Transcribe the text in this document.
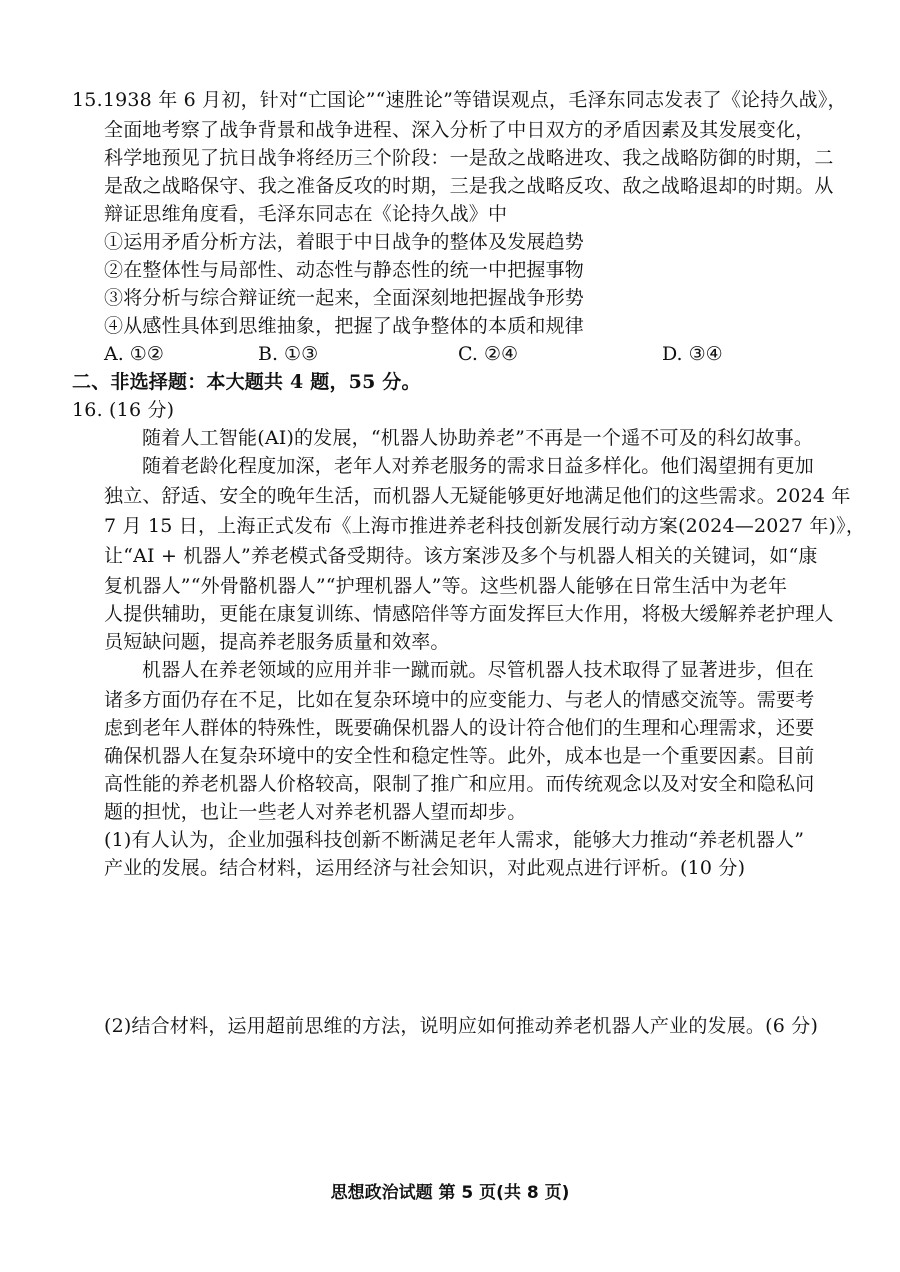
15.1938 年 6 月初，针对“亡国论”“速胜论”等错误观点，毛泽东同志发表了《论持久战》，
全面地考察了战争背景和战争进程、深入分析了中日双方的矛盾因素及其发展变化，
科学地预见了抗日战争将经历三个阶段：一是敌之战略进攻、我之战略防御的时期，二
是敌之战略保守、我之准备反攻的时期，三是我之战略反攻、敌之战略退却的时期。从
辩证思维角度看，毛泽东同志在《论持久战》中
①运用矛盾分析方法，着眼于中日战争的整体及发展趋势
②在整体性与局部性、动态性与静态性的统一中把握事物
③将分析与综合辩证统一起来，全面深刻地把握战争形势
④从感性具体到思维抽象，把握了战争整体的本质和规律
A. ①②	B. ①③	C. ②④	D. ③④
二、非选择题：本大题共 4 题，55 分。
16. (16 分)
随着人工智能(AI)的发展，“机器人协助养老”不再是一个遥不可及的科幻故事。
随着老龄化程度加深，老年人对养老服务的需求日益多样化。他们渴望拥有更加
独立、舒适、安全的晚年生活，而机器人无疑能够更好地满足他们的这些需求。2024 年
7 月 15 日，上海正式发布《上海市推进养老科技创新发展行动方案(2024—2027 年)》，
让“AI + 机器人”养老模式备受期待。该方案涉及多个与机器人相关的关键词，如“康
复机器人”“外骨骼机器人”“护理机器人”等。这些机器人能够在日常生活中为老年
人提供辅助，更能在康复训练、情感陪伴等方面发挥巨大作用，将极大缓解养老护理人
员短缺问题，提高养老服务质量和效率。
机器人在养老领域的应用并非一蹴而就。尽管机器人技术取得了显著进步，但在
诸多方面仍存在不足，比如在复杂环境中的应变能力、与老人的情感交流等。需要考
虑到老年人群体的特殊性，既要确保机器人的设计符合他们的生理和心理需求，还要
确保机器人在复杂环境中的安全性和稳定性等。此外，成本也是一个重要因素。目前
高性能的养老机器人价格较高，限制了推广和应用。而传统观念以及对安全和隐私问
题的担忧，也让一些老人对养老机器人望而却步。
(1)有人认为，企业加强科技创新不断满足老年人需求，能够大力推动“养老机器人”
产业的发展。结合材料，运用经济与社会知识，对此观点进行评析。(10 分)
(2)结合材料，运用超前思维的方法，说明应如何推动养老机器人产业的发展。(6 分)
思想政治试题 第 5 页(共 8 页)
